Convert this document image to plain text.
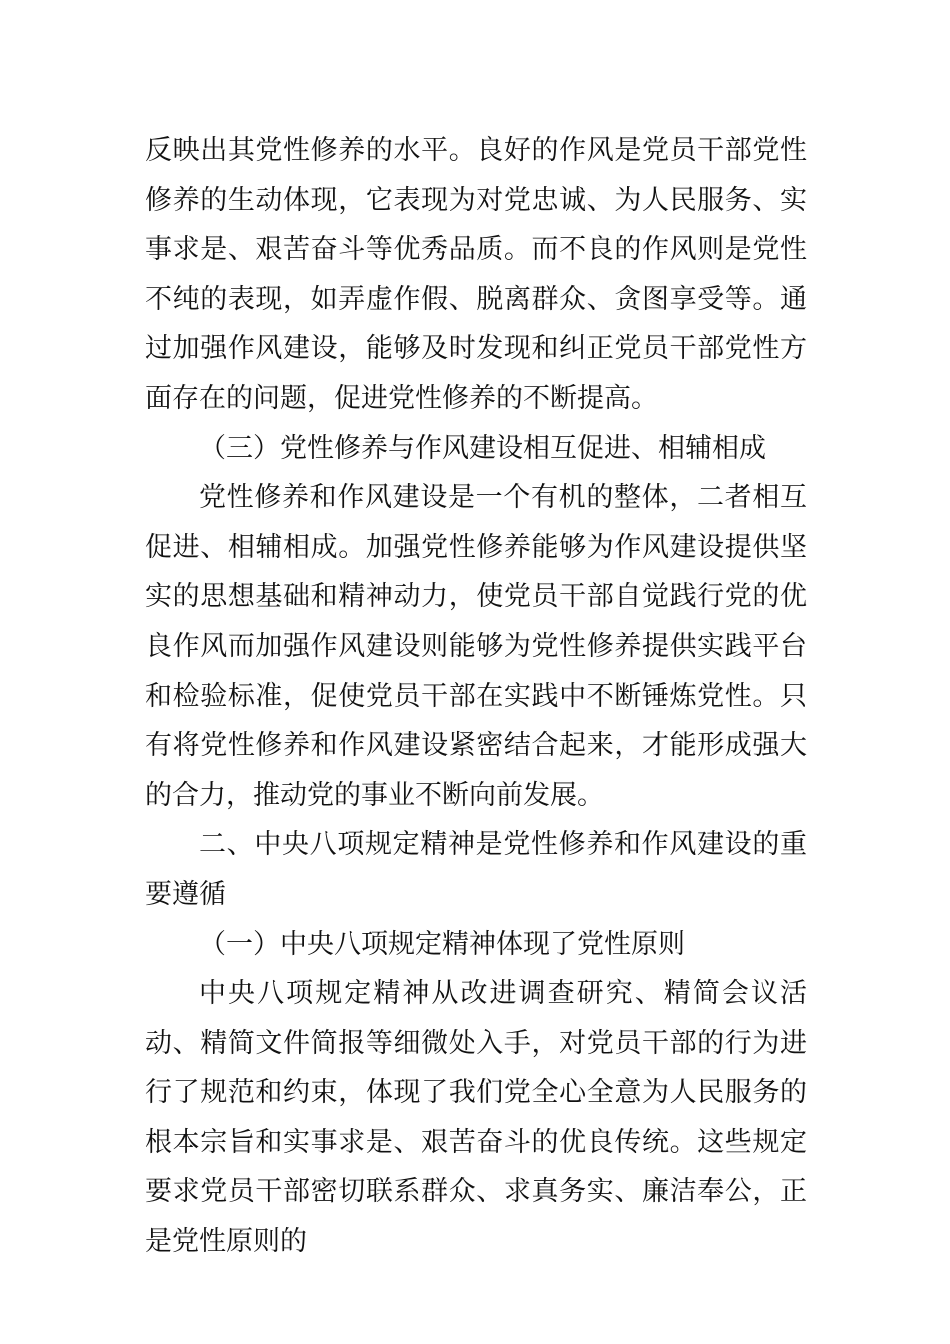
反映出其党性修养的水平。良好的作风是党员干部党性修养的生动体现，它表现为对党忠诚、为人民服务、实事求是、艰苦奋斗等优秀品质。而不良的作风则是党性不纯的表现，如弄虚作假、脱离群众、贪图享受等。通过加强作风建设，能够及时发现和纠正党员干部党性方面存在的问题，促进党性修养的不断提高。

（三）党性修养与作风建设相互促进、相辅相成

党性修养和作风建设是一个有机的整体，二者相互促进、相辅相成。加强党性修养能够为作风建设提供坚实的思想基础和精神动力，使党员干部自觉践行党的优良作风而加强作风建设则能够为党性修养提供实践平台和检验标准，促使党员干部在实践中不断锤炼党性。只有将党性修养和作风建设紧密结合起来，才能形成强大的合力，推动党的事业不断向前发展。

二、中央八项规定精神是党性修养和作风建设的重要遵循

（一）中央八项规定精神体现了党性原则

中央八项规定精神从改进调查研究、精简会议活动、精简文件简报等细微处入手，对党员干部的行为进行了规范和约束，体现了我们党全心全意为人民服务的根本宗旨和实事求是、艰苦奋斗的优良传统。这些规定要求党员干部密切联系群众、求真务实、廉洁奉公，正是党性原则的
